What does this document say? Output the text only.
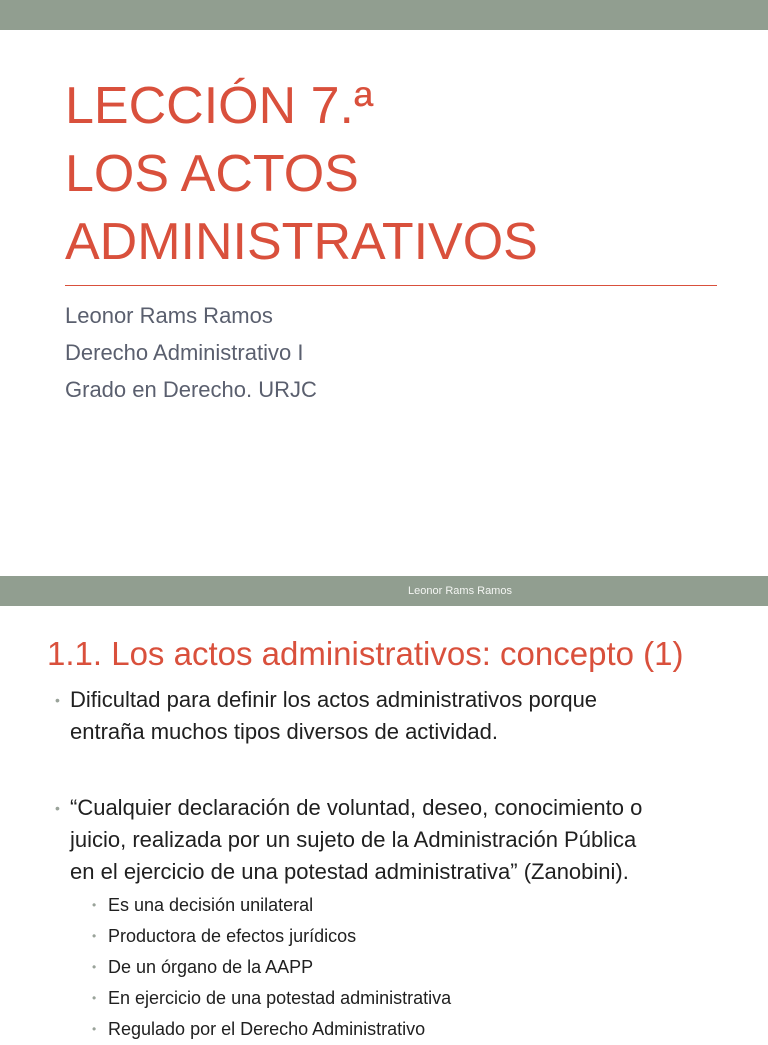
LECCIÓN 7.ª
LOS ACTOS
ADMINISTRATIVOS
Leonor Rams Ramos
Derecho Administrativo I
Grado en Derecho. URJC
Leonor Rams Ramos
1.1. Los actos administrativos: concepto (1)
• Dificultad para definir los actos administrativos porque
entraña muchos tipos diversos de actividad.
• “Cualquier declaración de voluntad, deseo, conocimiento o
juicio, realizada por un sujeto de la Administración Pública
en el ejercicio de una potestad administrativa” (Zanobini).
• Es una decisión unilateral
• Productora de efectos jurídicos
• De un órgano de la AAPP
• En ejercicio de una potestad administrativa
• Regulado por el Derecho Administrativo
